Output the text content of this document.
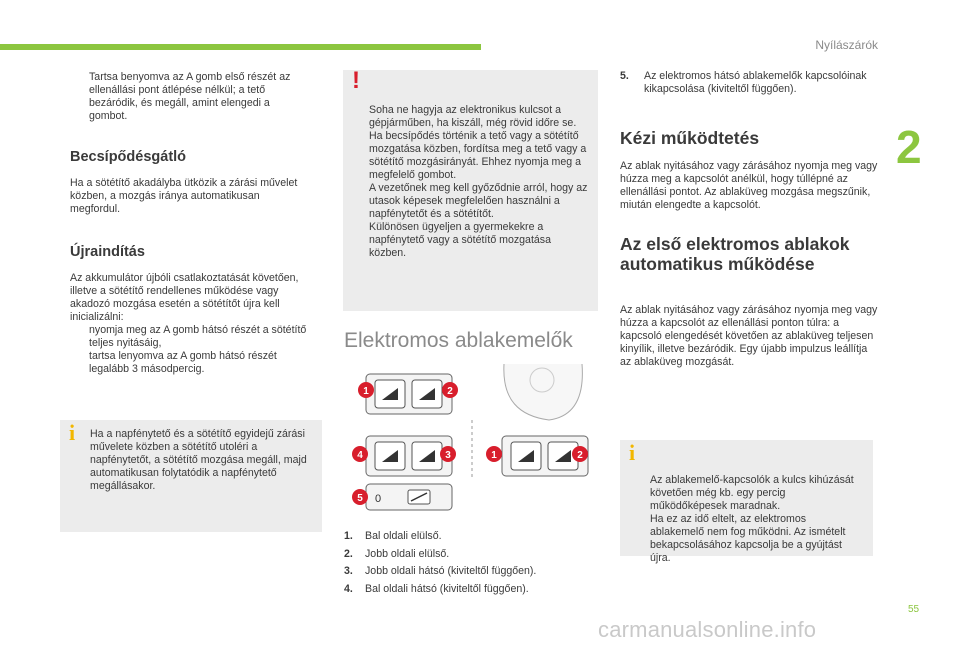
Nyílászárók
2
Tartsa benyomva az A gomb első részét az ellenállási pont átlépése nélkül; a tető bezáródik, és megáll, amint elengedi a gombot.
Becsípődésgátló

Ha a sötétítő akadályba ütközik a zárási művelet közben, a mozgás iránya automatikusan megfordul.

Újraindítás

Az akkumulátor újbóli csatlakoztatását követően, illetve a sötétítő rendellenes működése vagy akadozó mozgása esetén a sötétítőt újra kell inicializálni:

nyomja meg az A gomb hátsó részét a sötétítő teljes nyitásáig,
tartsa lenyomva az A gomb hátsó részét legalább 3 másodpercig.
i Ha a napfénytető és a sötétítő egyidejű zárási művelete közben a sötétítő utoléri a napfénytetőt, a sötétítő mozgása megáll, majd automatikusan folytatódik a napfénytető megállásakor.

!

Soha ne hagyja az elektronikus kulcsot a gépjárműben, ha kiszáll, még rövid időre se.
Ha becsípődés történik a tető vagy a sötétítő mozgatása közben, fordítsa meg a tető vagy a sötétítő mozgásirányát. Ehhez nyomja meg a megfelelő gombot.
A vezetőnek meg kell győződnie arról, hogy az utasok képesek megfelelően használni a napfénytetőt és a sötétítőt.
Különösen ügyeljen a gyermekekre a napfénytető vagy a sötétítő mozgatása közben.

Elektromos ablakemelők
0
1	2
4	3
5
1	2
1. Bal oldali elülső.
2. Jobb oldali elülső.
3. Jobb oldali hátsó (kiviteltől függően).
4. Bal oldali hátsó (kiviteltől függően).
5. Az elektromos hátsó ablakemelők kapcsolóinak kikapcsolása (kiviteltől függően).
Kézi működtetés

Az ablak nyitásához vagy zárásához nyomja meg vagy húzza meg a kapcsolót anélkül, hogy túllépné az ellenállási pontot. Az ablaküveg mozgása megszűnik, miután elengedte a kapcsolót.

Az első elektromos ablakok automatikus működése

Az ablak nyitásához vagy zárásához nyomja meg vagy húzza a kapcsolót az ellenállási ponton túlra: a kapcsoló elengedését követően az ablaküveg teljesen kinyílik, illetve bezáródik. Egy újabb impulzus leállítja az ablaküveg mozgását.

i

Az ablakemelő-kapcsolók a kulcs kihúzását követően még kb. egy percig működőképesek maradnak.
Ha ez az idő eltelt, az elektromos ablakemelő nem fog működni. Az ismételt bekapcsolásához kapcsolja be a gyújtást újra.

55
carmanualsonline.info
